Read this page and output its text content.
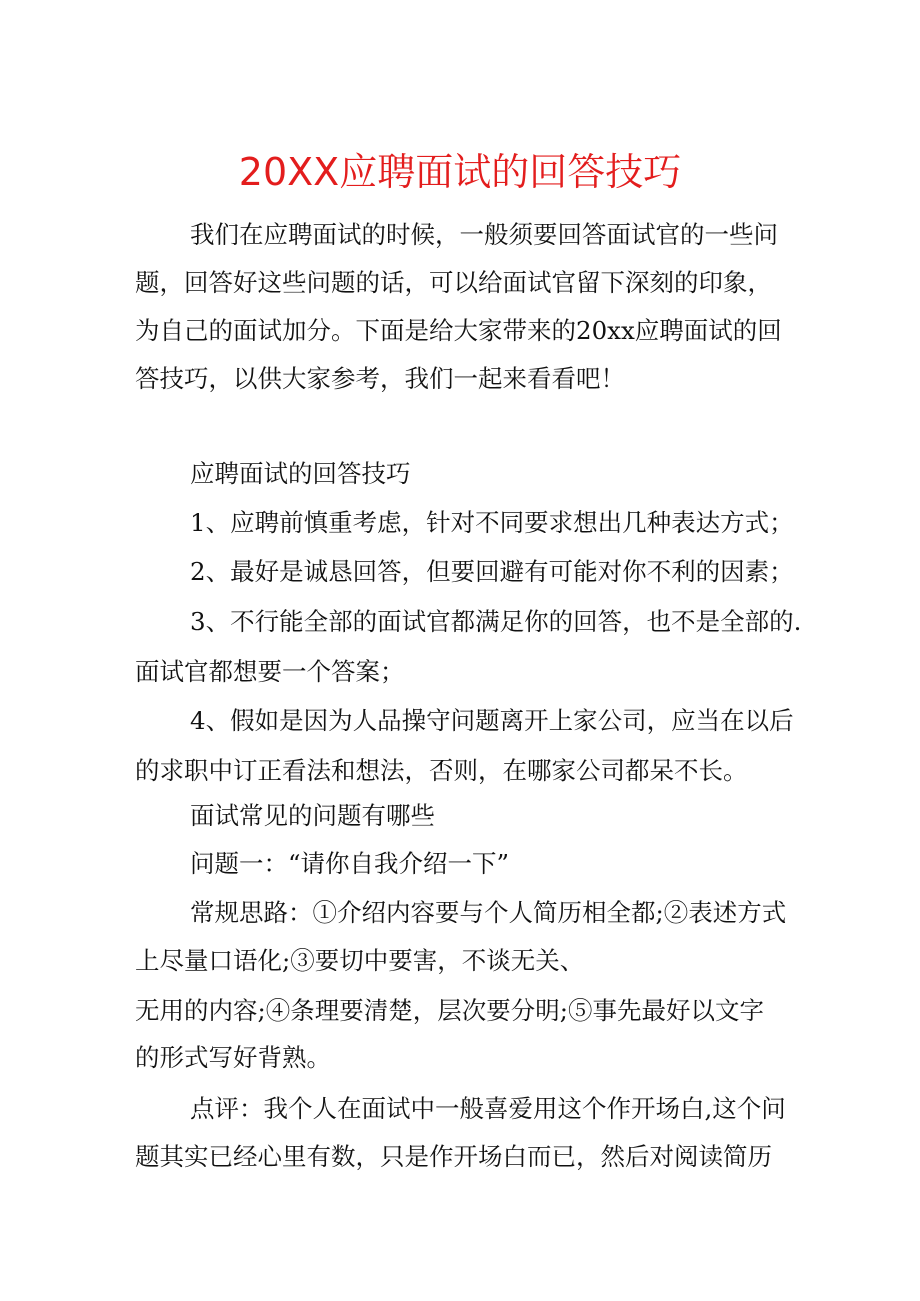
20XX应聘面试的回答技巧
我们在应聘面试的时候，一般须要回答面试官的一些问
题，回答好这些问题的话，可以给面试官留下深刻的印象，
为自己的面试加分。下面是给大家带来的20xx应聘面试的回
答技巧，以供大家参考，我们一起来看看吧！
应聘面试的回答技巧
1、应聘前慎重考虑，针对不同要求想出几种表达方式；
2、最好是诚恳回答，但要回避有可能对你不利的因素；
3、不行能全部的面试官都满足你的回答，也不是全部的.
面试官都想要一个答案；
4、假如是因为人品操守问题离开上家公司，应当在以后
的求职中订正看法和想法，否则，在哪家公司都呆不长。
面试常见的问题有哪些
问题一：“请你自我介绍一下”
常规思路：①介绍内容要与个人简历相全都;②表述方式
上尽量口语化;③要切中要害，不谈无关、
无用的内容;④条理要清楚，层次要分明;⑤事先最好以文字
的形式写好背熟。
点评：我个人在面试中一般喜爱用这个作开场白,这个问
题其实已经心里有数，只是作开场白而已，然后对阅读简历
